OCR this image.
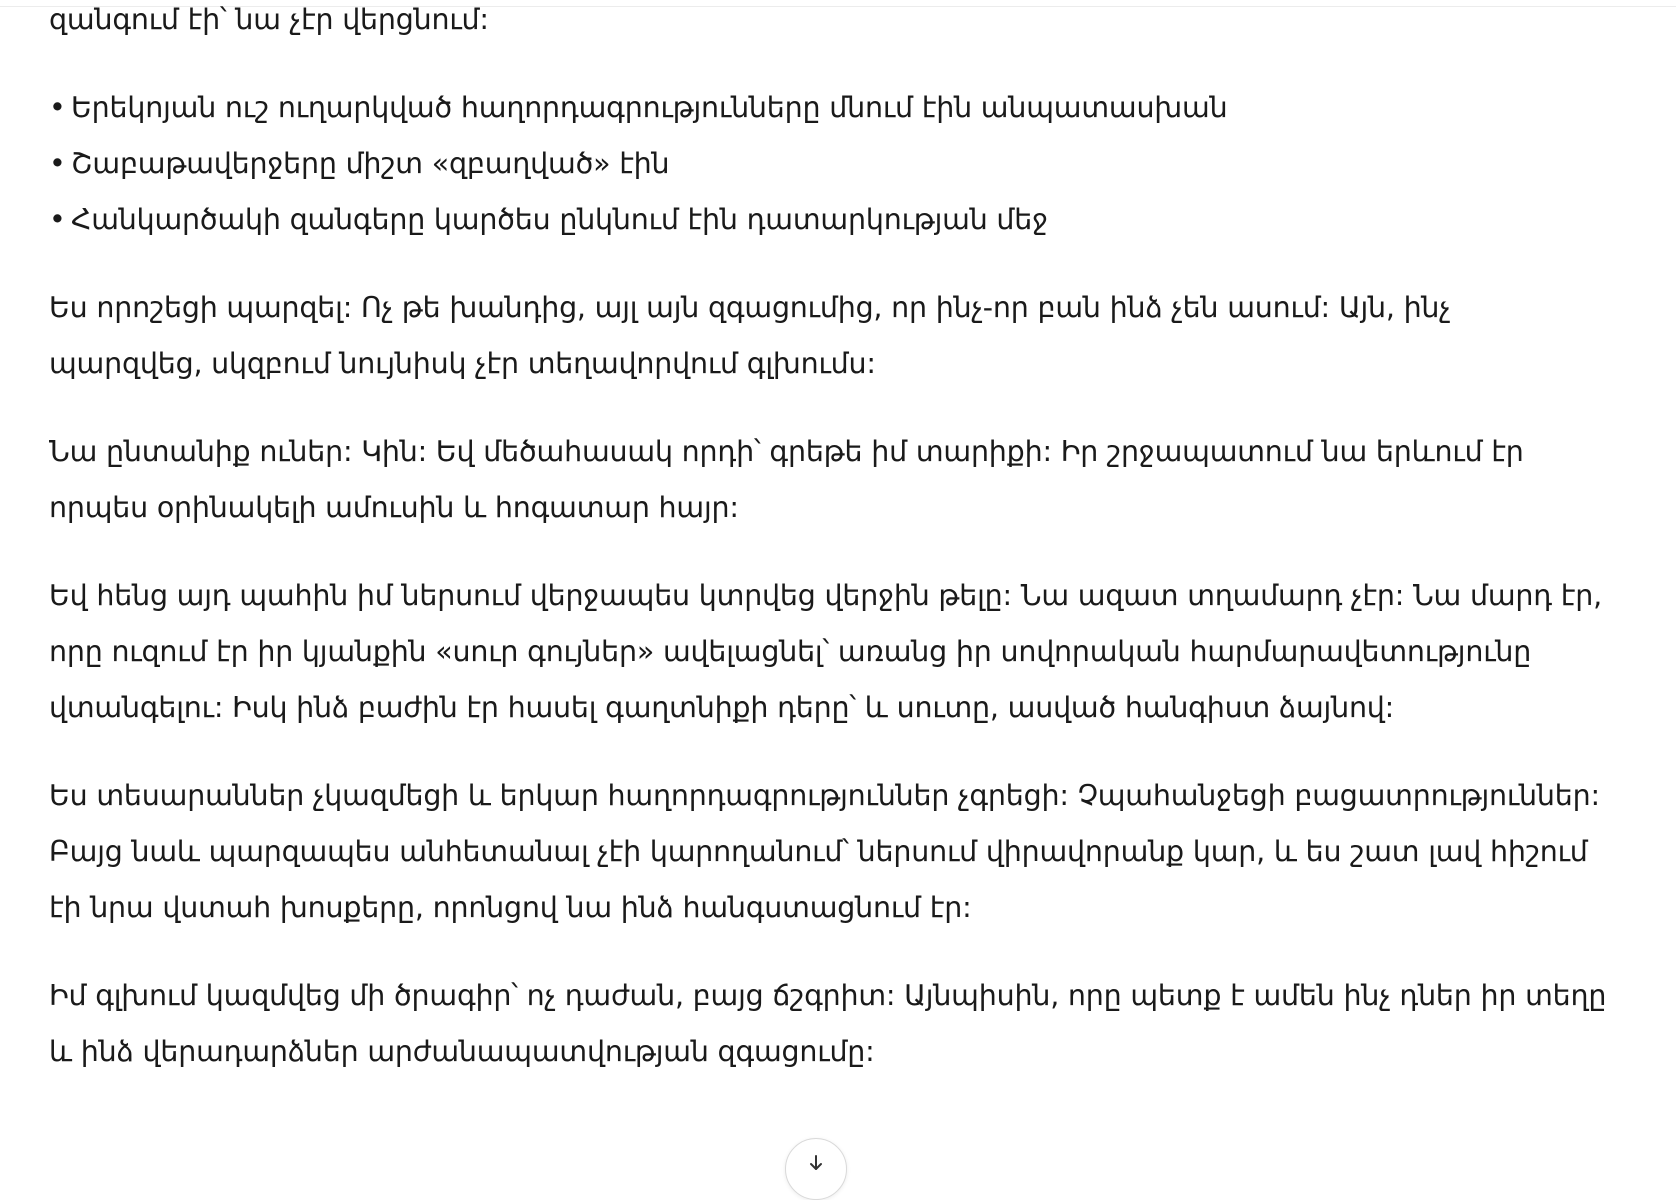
զանգում էի՝ նա չէր վերցնում:

• Երեկոյան ուշ ուղարկված հաղորդագրությունները մնում էին անպատասխան
• Շաբաթավերջերը միշտ «զբաղված» էին
• Հանկարծակի զանգերը կարծես ընկնում էին դատարկության մեջ

Ես որոշեցի պարզել: Ոչ թե խանդից, այլ այն զգացումից, որ ինչ-որ բան ինձ չեն ասում: Այն, ինչ պարզվեց, սկզբում նույնիսկ չէր տեղավորվում գլխումս:

Նա ընտանիք ուներ: Կին: Եվ մեծահասակ որդի՝ գրեթե իմ տարիքի: Իր շրջապատում նա երևում էր որպես օրինակելի ամուսին և հոգատար հայր:

Եվ հենց այդ պահին իմ ներսում վերջապես կտրվեց վերջին թելը: Նա ազատ տղամարդ չէր: Նա մարդ էր, որը ուզում էր իր կյանքին «սուր գույներ» ավելացնել՝ առանց իր սովորական հարմարավետությունը վտանգելու: Իսկ ինձ բաժին էր հասել գաղտնիքի դերը՝ և սուտը, ասված հանգիստ ձայնով:

Ես տեսարաններ չկազմեցի և երկար հաղորդագրություններ չգրեցի: Չպահանջեցի բացատրություններ: Բայց նաև պարզապես անհետանալ չէի կարողանում՝ ներսում վիրավորանք կար, և ես շատ լավ հիշում էի նրա վստահ խոսքերը, որոնցով նա ինձ հանգստացնում էր:

Իմ գլխում կազմվեց մի ծրագիր՝ ոչ դաժան, բայց ճշգրիտ: Այնպիսին, որը պետք է ամեն ինչ դներ իր տեղը և ինձ վերադարձներ արժանապատվության զգացումը:
